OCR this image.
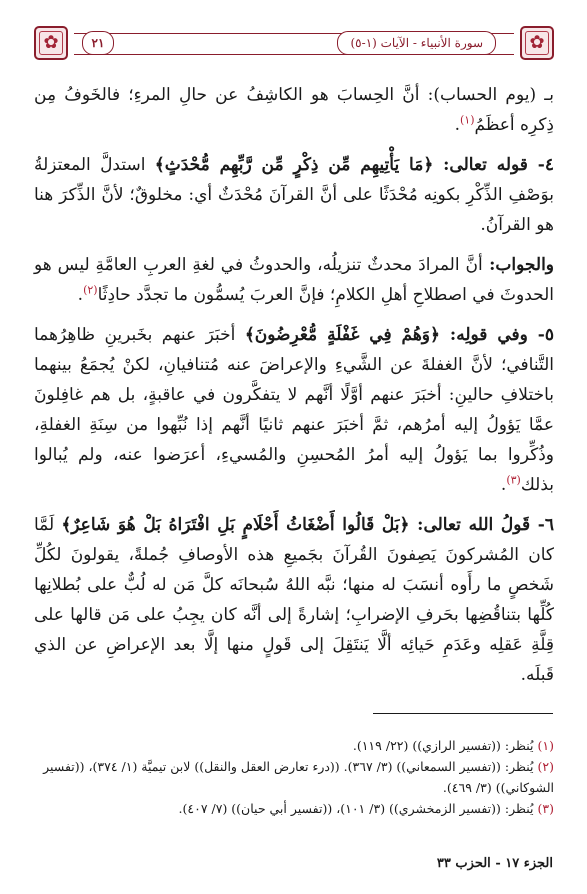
✿
٢١	سورة الأنبياء - الآيات (١-٥)
✿

بـ (يوم الحساب): أنَّ الحِسابَ هو الكاشِفُ عن حالِ المرءِ؛ فالخَوفُ مِن ذِكرِه أعظَمُ$^{(١)}$.

٤- قوله تعالى: ﴿مَا يَأْتِيهِم مِّن ذِكْرٍ مِّن رَّبِّهِم مُّحْدَثٍ﴾ استدلَّ المعتزلةُ بوَصْفِ الذِّكْرِ بكونِه مُحْدَثًا على أنَّ القرآنَ مُحْدَثٌ أي: مخلوقٌ؛ لأنَّ الذِّكرَ هنا هو القرآنُ.

والجواب: أنَّ المرادَ محدثٌ تنزيلُه، والحدوثُ في لغةِ العربِ العامَّةِ ليس هو الحدوثَ في اصطلاحِ أهلِ الكلامِ؛ فإنَّ العربَ يُسمُّون ما تجدَّد حادِثًا$^{(٢)}$.

٥- وفي قولِه: ﴿وَهُمْ فِي غَفْلَةٍ مُّعْرِضُونَ﴾ أخبَرَ عنهم بخَبرينِ ظاهِرُهما التَّنافي؛ لأنَّ الغفلةَ عن الشَّيءِ والإعراضَ عنه مُتنافيانِ، لكنْ يُجمَعُ بينهما باختلافِ حالينِ: أخبَرَ عنهم أوَّلًا أنَّهم لا يتفكَّرون في عاقبةٍ، بل هم غافِلونَ عمَّا يَؤولُ إليه أمرُهم، ثمَّ أخبَرَ عنهم ثانيًا أنَّهم إذا نُبِّهوا من سِنَةِ الغفلةِ، وذُكِّروا بما يَؤولُ إليه أمرُ المُحسِنِ والمُسيءِ، أعرَضوا عنه، ولم يُبالوا بذلك$^{(٣)}$.

٦- قَولُ الله تعالى: ﴿بَلْ قَالُوا أَضْغَاثُ أَحْلَامٍ بَلِ افْتَرَاهُ بَلْ هُوَ شَاعِرٌ﴾ لَمَّا كان المُشركونَ يَصِفونَ القُرآنَ بجَميعِ هذه الأوصافِ جُملةً، يقولونَ لكُلِّ شَخصٍ ما رأَوه أنسَبَ له منها؛ نبَّه اللهُ سُبحانَه كلَّ مَن له لُبٌّ على بُطلانِها كُلِّها بتناقُضِها بحَرفِ الإضرابِ؛ إشارةً إلى أنَّه كان يجِبُ على مَن قالها على قِلَّةِ عَقلِه وعَدَمِ حَيائِه ألَّا يَنتَقِلَ إلى قَولٍ منها إلَّا بعد الإعراضِ عن الذي قَبلَه.

(١) يُنظر: ((تفسير الرازي)) (٢٢/ ١١٩).

(٢) يُنظر: ((تفسير السمعاني)) (٣/ ٣٦٧). ((درء تعارض العقل والنقل)) لابن تيميَّة (١/ ٣٧٤)، ((تفسير الشوكاني)) (٣/ ٤٦٩).

(٣) يُنظر: ((تفسير الزمخشري)) (٣/ ١٠١)، ((تفسير أبي حيان)) (٧/ ٤٠٧).

الجزء ١٧ - الحزب ٣٣
